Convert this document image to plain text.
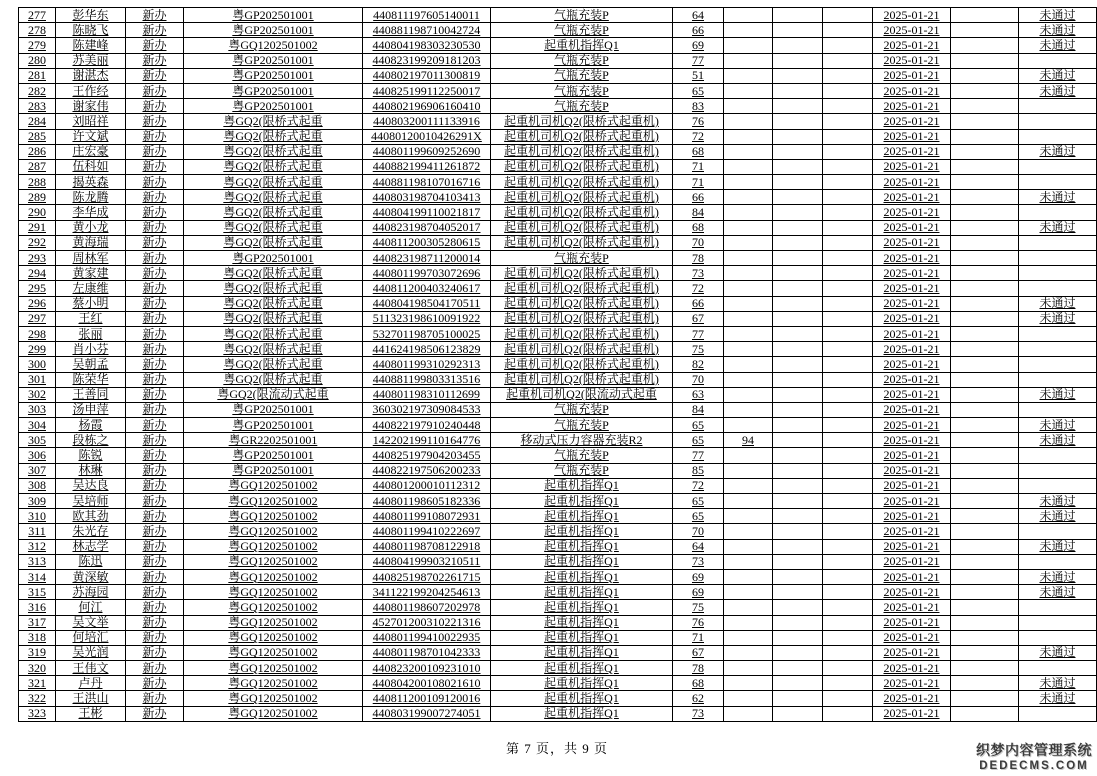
277	彭华东	新办	粤GP202501001	440811197605140011	气瓶充装P	64				2025-01-21		未通过
278	陈晓飞	新办	粤GP202501001	440881198710042724	气瓶充装P	66				2025-01-21		未通过
279	陈建峰	新办	粤GQ1202501002	440804198303230530	起重机指挥Q1	69				2025-01-21		未通过
280	苏美丽	新办	粤GP202501001	440823199209181203	气瓶充装P	77				2025-01-21		
281	谢湛杰	新办	粤GP202501001	440802197011300819	气瓶充装P	51				2025-01-21		未通过
282	王作经	新办	粤GP202501001	440825199112250017	气瓶充装P	65				2025-01-21		未通过
283	谢家伟	新办	粤GP202501001	440802196906160410	气瓶充装P	83				2025-01-21		
284	刘昭祥	新办	粤GQ2(限桥式起重	440803200111133916	起重机司机Q2(限桥式起重机)	76				2025-01-21		
285	许文斌	新办	粤GQ2(限桥式起重	44080120010426291X	起重机司机Q2(限桥式起重机)	72				2025-01-21		
286	庄宏豪	新办	粤GQ2(限桥式起重	440801199609252690	起重机司机Q2(限桥式起重机)	68				2025-01-21		未通过
287	伍科如	新办	粤GQ2(限桥式起重	440882199411261872	起重机司机Q2(限桥式起重机)	71				2025-01-21		
288	揭英森	新办	粤GQ2(限桥式起重	440881198107016716	起重机司机Q2(限桥式起重机)	71				2025-01-21		
289	陈龙腾	新办	粤GQ2(限桥式起重	440803198704103413	起重机司机Q2(限桥式起重机)	66				2025-01-21		未通过
290	李华成	新办	粤GQ2(限桥式起重	440804199110021817	起重机司机Q2(限桥式起重机)	84				2025-01-21		
291	黄小龙	新办	粤GQ2(限桥式起重	440823198704052017	起重机司机Q2(限桥式起重机)	68				2025-01-21		未通过
292	黄海瑞	新办	粤GQ2(限桥式起重	440811200305280615	起重机司机Q2(限桥式起重机)	70				2025-01-21		
293	周林军	新办	粤GP202501001	440823198711200014	气瓶充装P	78				2025-01-21		
294	黄家建	新办	粤GQ2(限桥式起重	440801199703072696	起重机司机Q2(限桥式起重机)	73				2025-01-21		
295	左康维	新办	粤GQ2(限桥式起重	440811200403240617	起重机司机Q2(限桥式起重机)	72				2025-01-21		
296	蔡小明	新办	粤GQ2(限桥式起重	440804198504170511	起重机司机Q2(限桥式起重机)	66				2025-01-21		未通过
297	王红	新办	粤GQ2(限桥式起重	511323198610091922	起重机司机Q2(限桥式起重机)	67				2025-01-21		未通过
298	张丽	新办	粤GQ2(限桥式起重	532701198705100025	起重机司机Q2(限桥式起重机)	77				2025-01-21		
299	肖小芬	新办	粤GQ2(限桥式起重	441624198506123829	起重机司机Q2(限桥式起重机)	75				2025-01-21		
300	吴朝孟	新办	粤GQ2(限桥式起重	440801199310292313	起重机司机Q2(限桥式起重机)	82				2025-01-21		
301	陈荣华	新办	粤GQ2(限桥式起重	440881199803313516	起重机司机Q2(限桥式起重机)	70				2025-01-21		
302	王善同	新办	粤GQ2(限流动式起重	440801198310112699	起重机司机Q2(限流动式起重	63				2025-01-21		未通过
303	汤申萍	新办	粤GP202501001	360302197309084533	气瓶充装P	84				2025-01-21		
304	杨霞	新办	粤GP202501001	440822197910240448	气瓶充装P	65				2025-01-21		未通过
305	段栋之	新办	粤GR2202501001	142202199110164776	移动式压力容器充装R2	65	94			2025-01-21		未通过
306	陈锐	新办	粤GP202501001	440825197904203455	气瓶充装P	77				2025-01-21		
307	林琳	新办	粤GP202501001	440822197506200233	气瓶充装P	85				2025-01-21		
308	吴达良	新办	粤GQ1202501002	440801200010112312	起重机指挥Q1	72				2025-01-21		
309	吴培师	新办	粤GQ1202501002	440801198605182336	起重机指挥Q1	65				2025-01-21		未通过
310	欧其劲	新办	粤GQ1202501002	440801199108072931	起重机指挥Q1	65				2025-01-21		未通过
311	朱光存	新办	粤GQ1202501002	440801199410222697	起重机指挥Q1	70				2025-01-21		
312	林志学	新办	粤GQ1202501002	440801198708122918	起重机指挥Q1	64				2025-01-21		未通过
313	陈迅	新办	粤GQ1202501002	440804199903210511	起重机指挥Q1	73				2025-01-21		
314	黄深敏	新办	粤GQ1202501002	440825198702261715	起重机指挥Q1	69				2025-01-21		未通过
315	苏海园	新办	粤GQ1202501002	341122199204254613	起重机指挥Q1	69				2025-01-21		未通过
316	何江	新办	粤GQ1202501002	440801198607202978	起重机指挥Q1	75				2025-01-21		
317	吴文举	新办	粤GQ1202501002	452701200310221316	起重机指挥Q1	76				2025-01-21		
318	何培汇	新办	粤GQ1202501002	440801199410022935	起重机指挥Q1	71				2025-01-21		
319	吴光润	新办	粤GQ1202501002	440801198701042333	起重机指挥Q1	67				2025-01-21		未通过
320	王伟文	新办	粤GQ1202501002	440823200109231010	起重机指挥Q1	78				2025-01-21		
321	卢丹	新办	粤GQ1202501002	440804200108021610	起重机指挥Q1	68				2025-01-21		未通过
322	王洪山	新办	粤GQ1202501002	440811200109120016	起重机指挥Q1	62				2025-01-21		未通过
323	王彬	新办	粤GQ1202501002	440803199007274051	起重机指挥Q1	73				2025-01-21		
第 7 页，共 9 页	织梦内容管理系统
DEDECMS.COM
